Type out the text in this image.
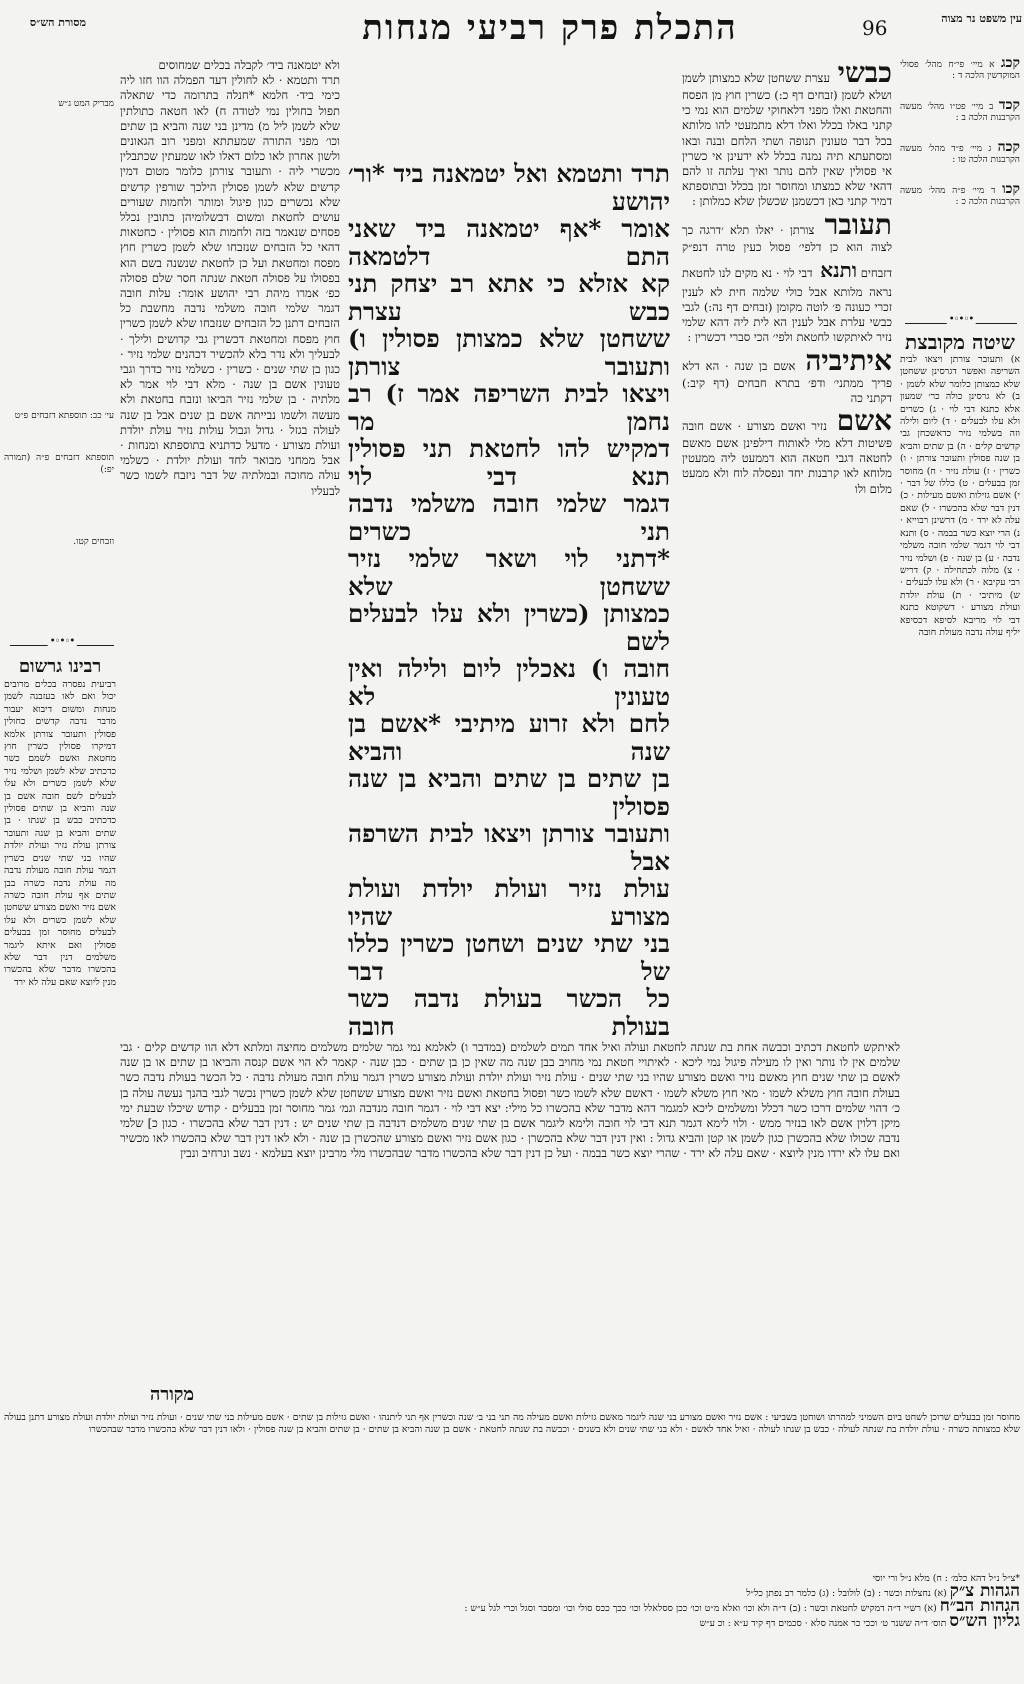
התכלת פרק רביעי מנחות	96	עין משפט נר מצוה
מסורת הש״ס
קכג א מיי׳ פי״ח מהל׳ פסולי המוקדשין הלכה ד :
קכד ב מיי׳ פט״ו מהל׳ מעשה הקרבנות הלכה ב :
קכה ג מיי׳ פ״ד מהל׳ מעשה הקרבנות הלכה טו :
קכו ד מיי׳ פ״ה מהל׳ מעשה הקרבנות הלכה כ :
•◦•◦•
שיטה מקובצת
א) ותעובר צורתן ויצאו לבית השריפה ואפשר דגרסינן ששחטן שלא כמצותן כלומר שלא לשמן · ב) לא גרסינן כולה כר׳ שמעון אלא כתנא דבי לוי · ג) כשרים ולא עלו לבעלים · ד) ליום ולילה וזה בשלמי נזיר כדאשכחן גבי קדשים קלים · ה) בן שתים והביא בן שנה פסולין ותעובר צורתן · ו) כשרין · ז) עולת נזיר · ח) מחוסר זמן בבעלים · ט) כללו של דבר · י) אשם גזילות ואשם מעילות · כ) דנין דבר שלא בהכשרו · ל) שאם עלה לא ירד · מ) דרשינן רבוייא · נ) הרי יוצא כשר בבמה · ס) ותנא דבי לוי דגמר שלמי חובה משלמי נדבה · ע) בן שנה · פ) ושלמי נזיר · צ) מלוה לכתחילה · ק) דריש רבי עקיבא · ר) ולא עלו לבעלים · ש) מיתיבי · ת) עולת יולדת ועולת מצורע · דשקוטא כתנא דבי לוי מריבא לסיפא דכסיפא יליף עולה נדבה מעולת חובה
כבשי עצרת ששחטן שלא כמצותן לשמן ושלא לשמן (זבחים דף כ:) כשרין חוץ מן הפסח והחטאת ואלו מפני דלאחוקי שלמים הוא נמי כי קתני באלו בכלל ואלו דלא מתמעטי להו מלותא בכל דבר טעונין תנופה ושתי הלחם ובנה ובאו ומסתעתא תיה נמנה בכלל לא ידעינן אי כשרין אי פסולין שאין להם נותר ואיך עלתה זו להם דהאי שלא כמצתו ומחוסר זמן בכלל ובתוספתא דמיר קתני כאן דכשמנן שכשלן שלא כמלותן :
תעובר צורתן · יאלו תלא ׳דרגה כך לצוה הוא כן דלפי׳ פסול כעין טרה דנפ״ק דזבחים ותנא דבי לוי · נא מקים לנו לחטאת נראה מלותא אבל כולי שלמה חית לא לענין זכרי כעונה פ׳ לוטה מקומן (זבחים דף נה:) לגבי כבשי עלרת אבל לענין הא לית ליה דהא שלמי נזיר לאיתקשו לחטאת ולפי׳ הכי סברי דכשרין :
איתיביה אשם בן שנה · הא דלא פריך ממתני׳ ודפ׳ בתרא חבחים (דף קיב:) דקתני כה
אשם נזיר ואשם מצורע · אשם חובה פשיטות דלא מלי לאותוח דילפינן אשם מאשם לחטאה דגבי חטאה הוא דממעט ליה ממעטין מלוחא לאו קרבנות יחד ונפסלה לוח ולא ממעט מלום ולו

תרד ותטמא ואל יטמאנה ביד *ור׳ יהושע

אומר *אף יטמאנה ביד שאני התם דלטמאה

קא אזלא כי אתא רב יצחק תני כבש עצרת

ששחטן שלא כמצותן פסולין ו) ותעובר צורתן

ויצאו לבית השריפה אמר ז) רב נחמן מר

דמקיש להו לחטאת תני פסולין תנא דבי לוי

דגמר שלמי חובה משלמי נדבה תני כשרים

*דתני לוי ושאר שלמי נזיר ששחטן שלא

כמצותן (כשרין ולא עלו לבעלים לשם

חובה ו) נאכלין ליום ולילה ואין טעונין לא

לחם ולא זרוע מיתיבי *אשם בן שנה והביא

בן שתים בן שתים והביא בן שנה פסולין

ותעובר צורתן ויצאו לבית השרפה אבל

עולת נזיר ועולת יולדת ועולת מצורע שהיו

בני שתי שנים ושחטן כשרין כללו של דבר

כל הכשר בעולת נדבה כשר בעולת חובה

ולא יטמאנה ביד׳ לקבלה בכלים שמחוסים
תרד ותטמא · לא לחולין דעד הפמלה הוו חזו ליה כימי ביד· חלמא *חנלה בתרומה כדי שתאלה תפול בחולין נמי לטודה ח) לאו חטאה כתולתין שלא לשמן ליל מ) מדינן בני שנה והביא בן שתים וכו׳ מפני התורה שמעתתא ומפני רוב הגאונים ולשון אחרון לאו כלום דאלו לאו שמעתין שכתבלין מכשרי ליה · ותעובר צורתן כלומר מטום דמין קדשים שלא לשמן פסולין הילכך שורפין קדשים שלא נכשרים כגון פיגול ומותר ולחמות שעורים עושים לחטאת ומשום דבשלומיהן כתובין נכלל פסחים שנאמר בזה ולחמות הוא פסולין · כחטאות דהאי כל הזבחים שנזבחו שלא לשמן כשרין חוץ מפסח ומחטאת ועל כן לחטאת שנשנה בשם הוא בפסולו על פסולה חטאת שנתה חסר שלם פסולה כפ׳ אמרו מיהת רבי יהושע אומר: עלות חובה דגמר שלמי חובה משלמי נדבה מחשבת כל הזבחים דתנן כל הזבחים שנזבחו שלא לשמן כשרין חוץ מפסח ומחטאת דכשרין גבי קדושים ולילך · לבעליך ולא נדר בלא להכשיר דכהנים שלמי נזיר · כגון בן שתי שנים · כשרין · כשלמי נזיר כדרך וגבי טעונין אשם בן שנה · מלא דבי לוי אמר לא מלתיה · בן שלמי נזיר הביאו ונזבח בחטאת ולא מעשה ולשמו נבייתה אשם בן שנים אבל בן שנה לעולה בגזל · גדול וגבול עולות נזיר עולת יולדת ועולת מצורע · מדעל כדתניא בתוספתא ומנחות · אבל ממחני מבואר לחד ועולת יולדת · כשלמי עולה מחוכה ובמלתיה של דבר ניזבח לשמו כשר לבעליו
מבריק המט ג״ש
עי׳ כב: תוספתא דזבחים פ״ט
תוספתא דזבחים פ״ה (תמורה יפ:)
וזבחים קטו.
•◦•◦•
רבינו גרשום
רביעית נפסרה בכלים מרובים יכול ואם לאו בעזבנה לשמן מנחות ומשום דיבוא יעבור מדבר נדבה קדשים כחולין פסולין ותעובר צורתן אלמא דמיקרו פסולין כשרין חוץ מחטאת ואשם לשמם כשר כדכתיב שלא לשמן ושלמי נזיר שלא לשמן כשרים ולא עלו לבעלים לשם חובה אשם בן שנה והביא בן שתים פסולין כדכתיב כבש בן שנתו · בן שתים והביא בן שנה ותעובר צורתן עולת נזיר ועולת יולדת שהיו בני שתי שנים כשרין דגמר עולת חובה מעולת נדבה מה עולת נדבה כשרה בבן שתים אף עולת חובה כשרה אשם נזיר ואשם מצורע ששחטן שלא לשמן כשרים ולא עלו לבעלים מחוסר זמן בבעלים פסולין ואם איתא ליגמר משלמים דנין דבר שלא בהכשרו מדבר שלא בהכשרו מנין ליוצא שאם עלה לא ירד
לאיתקש לחטאת דכתיב וכבשה אחת בת שנתה לחטאת ועולה ואיל אחד תמים לשלמים (במדבר ו) לאלמא נמי גמר שלמים משלמים מחיצה ומלתא דלא הוו קדשים קלים · גבי שלמים אין לו נותר ואין לו מעילה פיגול נמי ליכא · לאיתויי חטאת נמי מחויב בבן שנה מה שאין כן בן שתים · כבן שנה · קאמר לא הוי אשם קנסה והביאו בן שתים או בן שנה לאשם בן שתי שנים חוץ מאשם נזיר ואשם מצורע שהיו בני שתי שנים · עולת נזיר ועולת יולדת ועולת מצורע כשרין דגמר עולת חובה מעולת נדבה · כל הכשר בעולת נדבה כשר בעולת חובה חוץ משלא לשמו · מאי חוץ משלא לשמו · דאשם שלא לשמו כשר ופסול בחטאת ואשם נזיר ואשם מצורע ששחטן שלא לשמן כשרין נכשר לגבי בהנך נעשה עולה בן כ׳ דהוי שלמים דרכו כשר דכלל ומשלמים ליכא למגמר דהא מדבר שלא בהכשרו כל מילי: יצא דבי לוי · דגמר חובה מנדבה וגמ׳ גמר מחוסר זמן בבעלים · קודש שיכלו שבעת ימי מיקן דלוין אשם לאו בנזיר ממש · ולוי לימא דגמר תנא דבי לוי חובה ולימא ליגמר אשם בן שתי שנים משלמים דנדבה בן שתי שנים יש : דנין דבר שלא בהכשרו · כגון כ] שלמי נדבה שכולו שלא בהכשרן כגון לשמן או קטן והביא גדול : ואין דנין דבר שלא בהכשרן · כגון אשם נזיר ואשם מצורע שהכשרן בן שנה · ולא לאו דנין דבר שלא בהכשרו לאו מכשיר ואם עלו לא ירדו מנין ליוצא · שאם עלה לא ירד · שהרי יוצא כשר בבמה · ועל כן דנין דבר שלא בהכשרו מדבר שבהכשרו מלי מרבינן יוצא בעלמא · נשב ונרחיב ונבין
מקורה
מחוסר זמן בבעלים שרוכן לשחט ביום השמיני למהרתו ושוחטן בשביעי : אשם נזיר ואשם מצורע בני שנה ליגמר מאשם גזילות ואשם מעילה מה תני בני ב׳ שנה וכשרין אף תני ליתנהו · ואשם גזילות בן שתים · אשם מעילות בני שתי שנים · ועולת נזיר ועולת יולדת ועולת מצורע דתנן בעולה שלא כמצותה כשרה · עולת יולדת בת שנתה לעולה · כבש בן שנתו לעולה · ואיל אחד לאשם · ולא בני שתי שנים ולא בשנים · וכבשה בת שנתה לחטאת · אשם בן שנה והביא בן שתים · בן שתים והביא בן שנה פסולין · ולאו דנין דבר שלא בהכשרו מדבר שבהכשרו
*צ״ל נ״ל דהא כלמ׳ : ח) מלא נ״ל ורי יוסי
הגהות צ״ק (א) נחצלות וכשר : (ב) לולובל : (ג) כלמר רב נפתן כל״ל
הגהות הב״ח (א) רש״י ד״ה דמקיש לחטאת וכשר : (ב) ד״ה ולא וכו׳ ואלא מ״ט וכו׳ ככן ססלאלל וכו׳ ככך ככס סולי וכו׳ ומסבר וסגל וכרי לגל ע״ש :
גליון הש״ס תוס׳ ד״ה ששנר ט׳ וככי כר אמנה סלא · סכמים דף קיד ע״א : וכ ע״ש
